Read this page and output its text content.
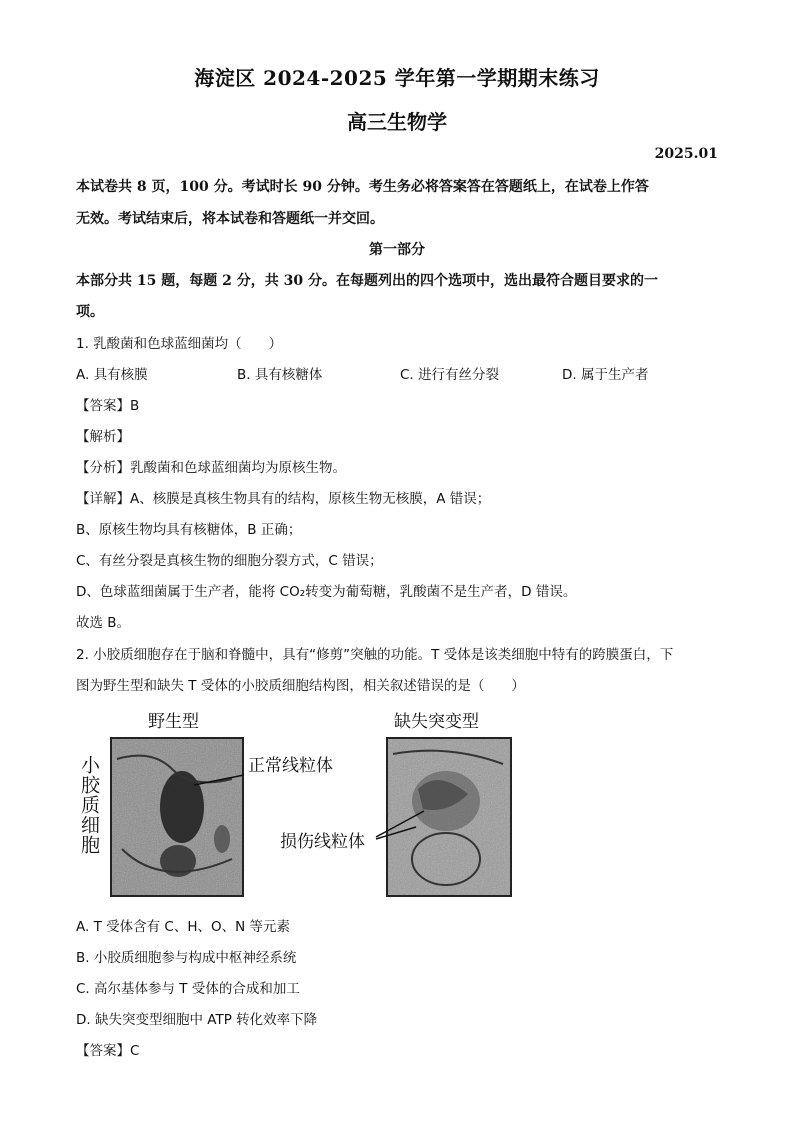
海淀区 2024-2025 学年第一学期期末练习
高三生物学
2025.01
本试卷共 8 页，100 分。考试时长 90 分钟。考生务必将答案答在答题纸上，在试卷上作答
无效。考试结束后，将本试卷和答题纸一并交回。
第一部分
本部分共 15 题，每题 2 分，共 30 分。在每题列出的四个选项中，选出最符合题目要求的一
项。
1. 乳酸菌和色球蓝细菌均（　　）
A. 具有核膜	B. 具有核糖体	C. 进行有丝分裂	D. 属于生产者
【答案】B
【解析】
【分析】乳酸菌和色球蓝细菌均为原核生物。
【详解】A、核膜是真核生物具有的结构，原核生物无核膜，A 错误；
B、原核生物均具有核糖体，B 正确；
C、有丝分裂是真核生物的细胞分裂方式，C 错误；
D、色球蓝细菌属于生产者，能将 CO₂转变为葡萄糖，乳酸菌不是生产者，D 错误。
故选 B。
2. 小胶质细胞存在于脑和脊髓中，具有“修剪”突触的功能。T 受体是该类细胞中特有的跨膜蛋白，下
图为野生型和缺失 T 受体的小胶质细胞结构图，相关叙述错误的是（　　）
野生型	缺失突变型
小胶质细胞	正常线粒体
损伤线粒体
A. T 受体含有 C、H、O、N 等元素
B. 小胶质细胞参与构成中枢神经系统
C. 高尔基体参与 T 受体的合成和加工
D. 缺失突变型细胞中 ATP 转化效率下降
【答案】C
